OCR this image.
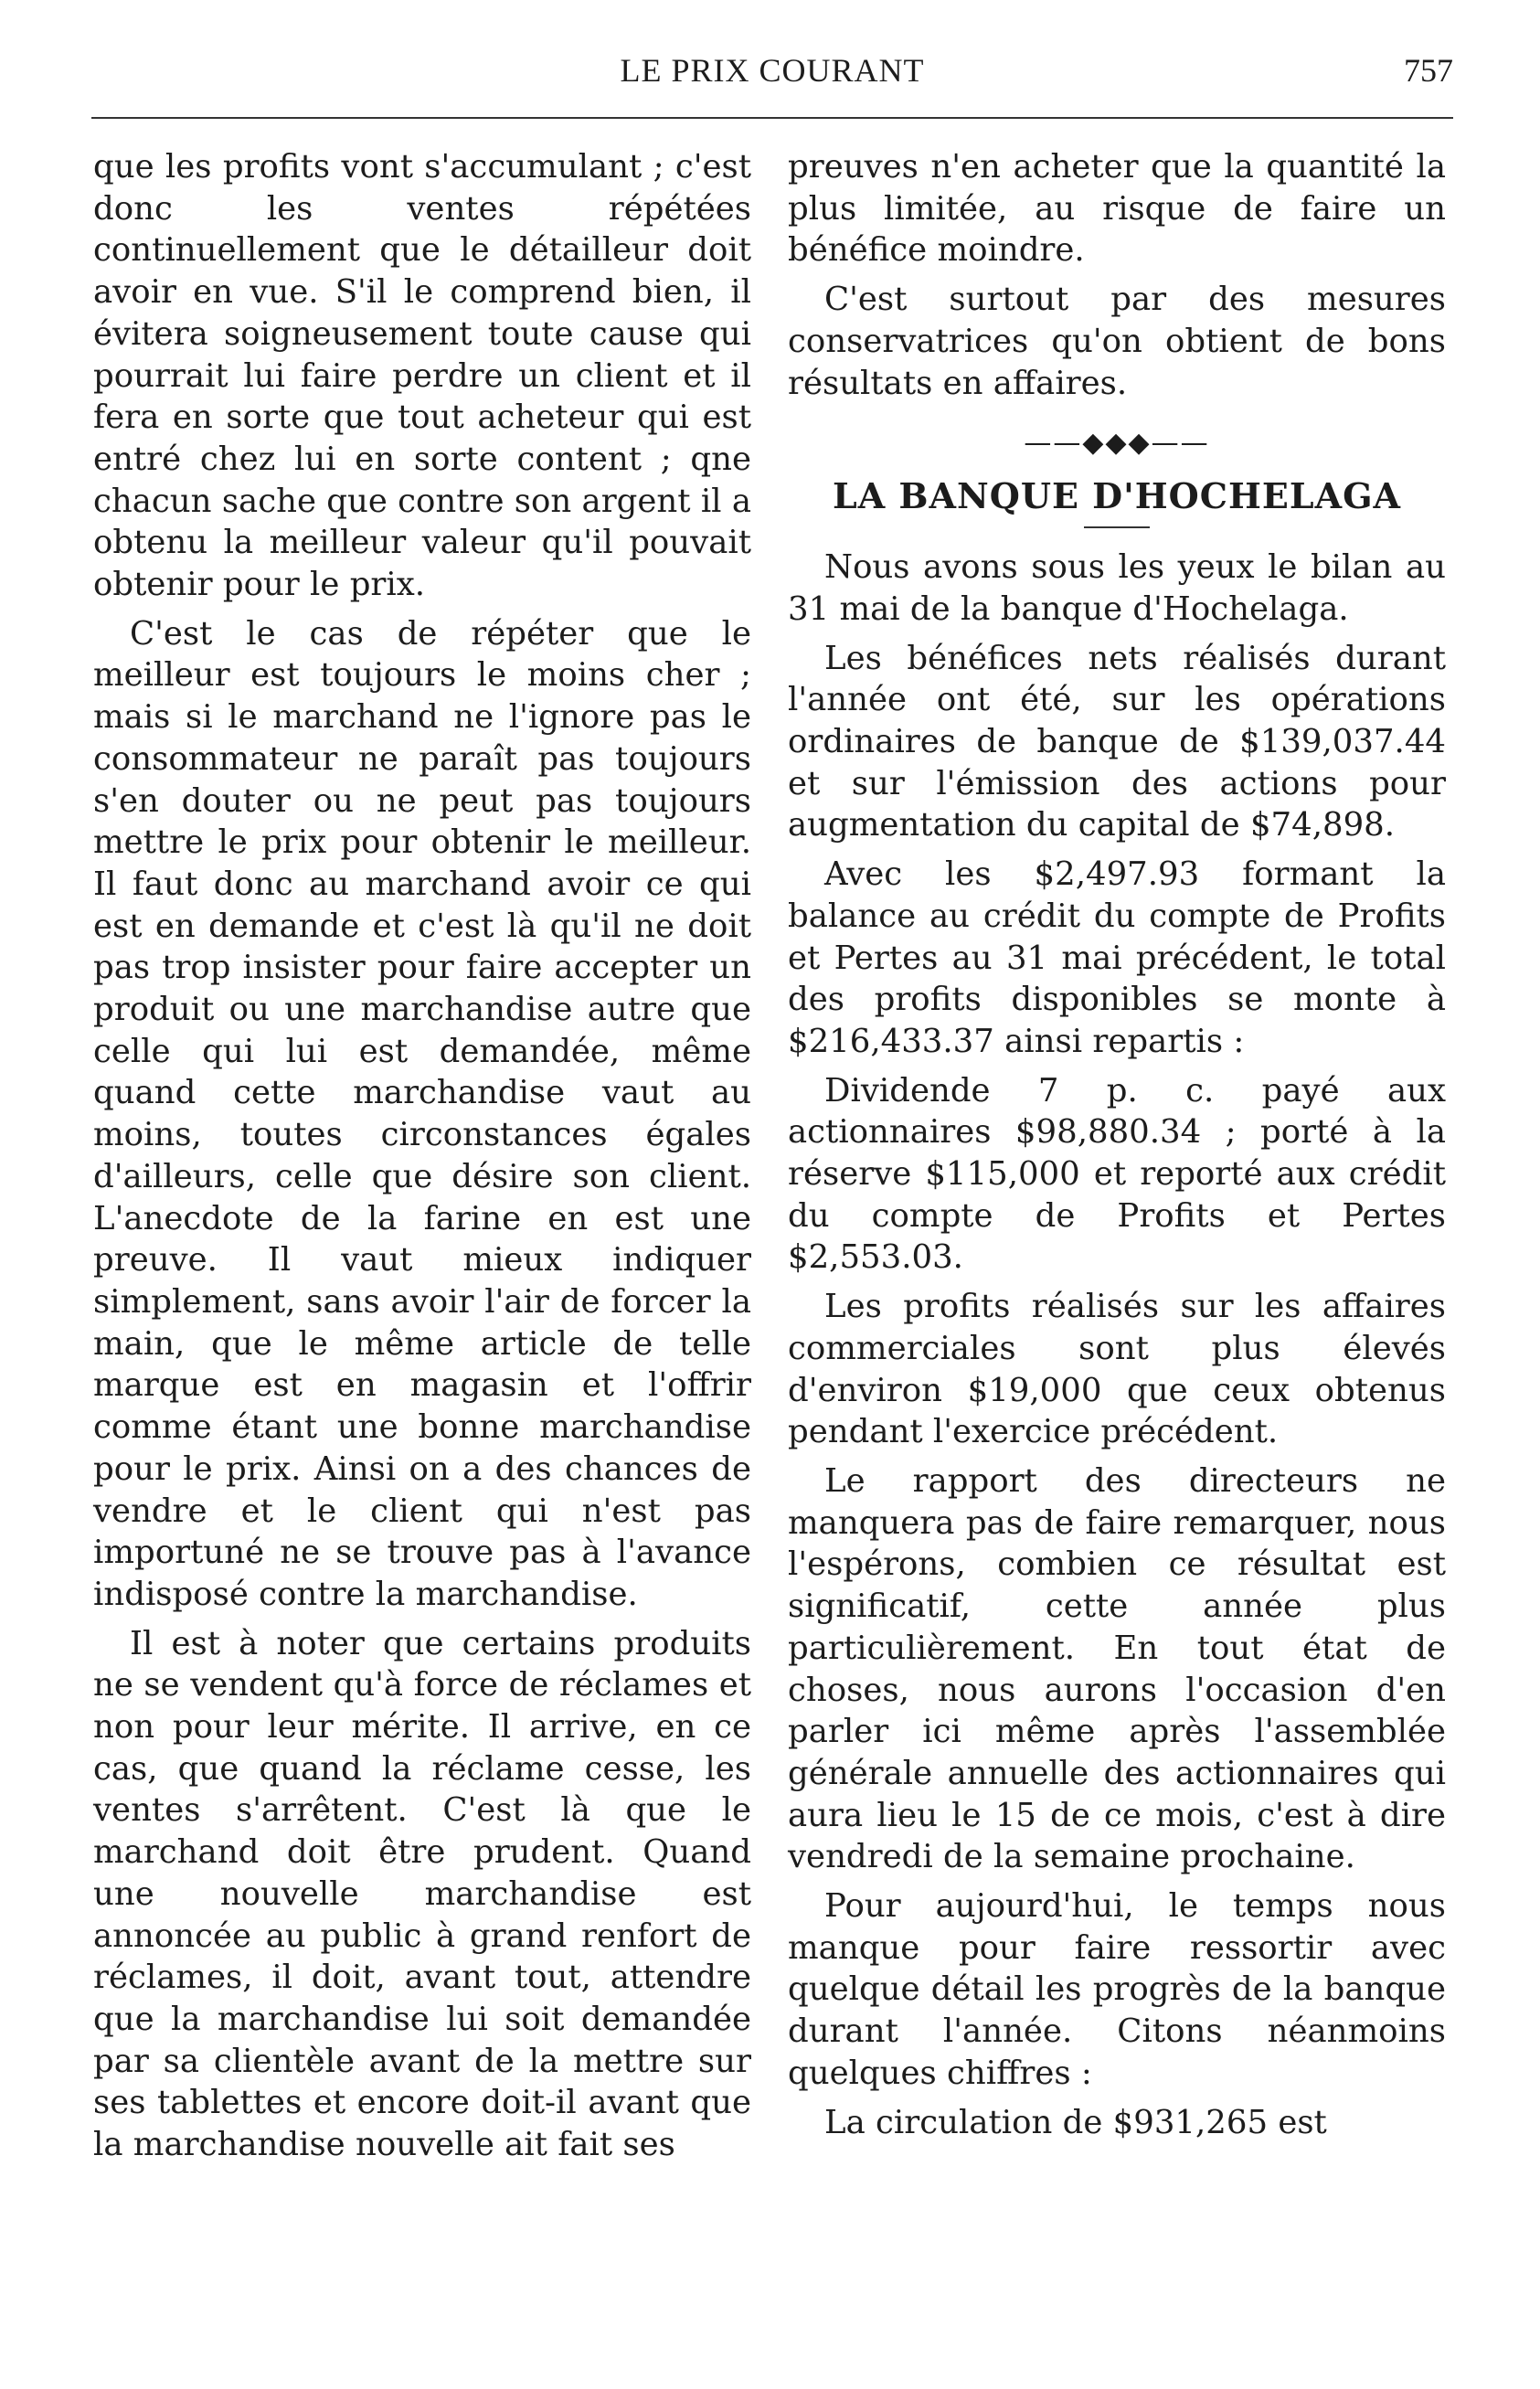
LE PRIX COURANT	757

que les profits vont s'accumulant ; c'est donc les ventes répétées continuellement que le détailleur doit avoir en vue. S'il le comprend bien, il évitera soigneusement toute cause qui pourrait lui faire perdre un client et il fera en sorte que tout acheteur qui est entré chez lui en sorte content ; qne chacun sache que contre son argent il a obtenu la meilleur valeur qu'il pouvait obtenir pour le prix.

C'est le cas de répéter que le meilleur est toujours le moins cher ; mais si le marchand ne l'ignore pas le consommateur ne paraît pas toujours s'en douter ou ne peut pas toujours mettre le prix pour obtenir le meilleur. Il faut donc au marchand avoir ce qui est en demande et c'est là qu'il ne doit pas trop insister pour faire accepter un produit ou une marchandise autre que celle qui lui est demandée, même quand cette marchandise vaut au moins, toutes circonstances égales d'ailleurs, celle que désire son client. L'anecdote de la farine en est une preuve. Il vaut mieux indiquer simplement, sans avoir l'air de forcer la main, que le même article de telle marque est en magasin et l'offrir comme étant une bonne marchandise pour le prix. Ainsi on a des chances de vendre et le client qui n'est pas importuné ne se trouve pas à l'avance indisposé contre la marchandise.

Il est à noter que certains produits ne se vendent qu'à force de réclames et non pour leur mérite. Il arrive, en ce cas, que quand la réclame cesse, les ventes s'arrêtent. C'est là que le marchand doit être prudent. Quand une nouvelle marchandise est annoncée au public à grand renfort de réclames, il doit, avant tout, attendre que la marchandise lui soit demandée par sa clientèle avant de la mettre sur ses tablettes et encore doit-il avant que la marchandise nouvelle ait fait ses

preuves n'en acheter que la quantité la plus limitée, au risque de faire un bénéfice moindre.

C'est surtout par des mesures conservatrices qu'on obtient de bons résultats en affaires.

——◆◆◆——
LA BANQUE D'HOCHELAGA

Nous avons sous les yeux le bilan au 31 mai de la banque d'Hochelaga.

Les bénéfices nets réalisés durant l'année ont été, sur les opérations ordinaires de banque de $139,037.44 et sur l'émission des actions pour augmentation du capital de $74,898.

Avec les $2,497.93 formant la balance au crédit du compte de Profits et Pertes au 31 mai précédent, le total des profits disponibles se monte à $216,433.37 ainsi repartis :

Dividende 7 p. c. payé aux actionnaires $98,880.34 ; porté à la réserve $115,000 et reporté aux crédit du compte de Profits et Pertes $2,553.03.

Les profits réalisés sur les affaires commerciales sont plus élevés d'environ $19,000 que ceux obtenus pendant l'exercice précédent.

Le rapport des directeurs ne manquera pas de faire remarquer, nous l'espérons, combien ce résultat est significatif, cette année plus particulièrement. En tout état de choses, nous aurons l'occasion d'en parler ici même après l'assemblée générale annuelle des actionnaires qui aura lieu le 15 de ce mois, c'est à dire vendredi de la semaine prochaine.

Pour aujourd'hui, le temps nous manque pour faire ressortir avec quelque détail les progrès de la banque durant l'année. Citons néanmoins quelques chiffres :

La circulation de $931,265 est
